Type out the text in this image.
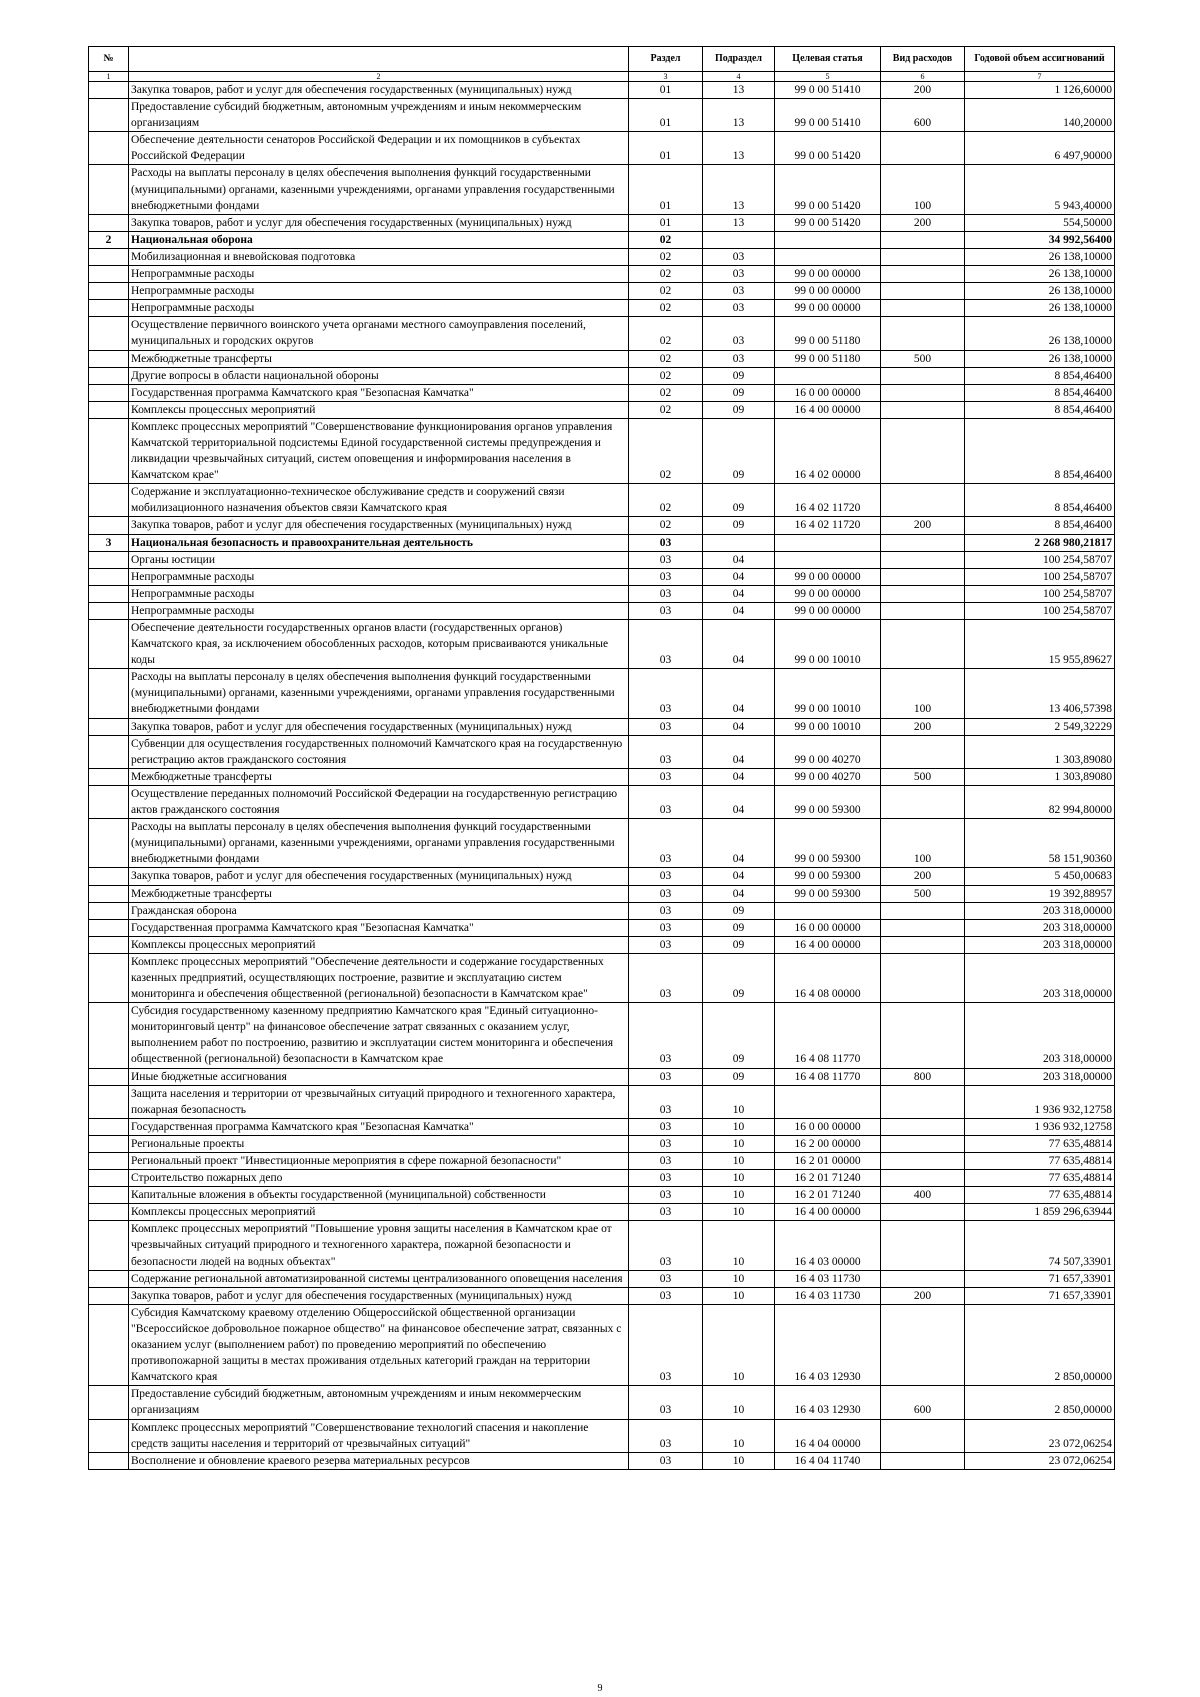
№		Раздел	Подраздел	Целевая статья	Вид расходов	Годовой объем ассигнований
1	2	3	4	5	6	7
	Закупка товаров, работ и услуг для обеспечения государственных (муниципальных) нужд	01	13	99 0 00 51410	200	1 126,60000
	Предоставление субсидий бюджетным, автономным учреждениям и иным некоммерческим организациям	01	13	99 0 00 51410	600	140,20000
	Обеспечение деятельности сенаторов Российской Федерации и их помощников в субъектах Российской Федерации	01	13	99 0 00 51420		6 497,90000
	Расходы на выплаты персоналу в целях обеспечения выполнения функций государственными (муниципальными) органами, казенными учреждениями, органами управления государственными внебюджетными фондами	01	13	99 0 00 51420	100	5 943,40000
	Закупка товаров, работ и услуг для обеспечения государственных (муниципальных) нужд	01	13	99 0 00 51420	200	554,50000
2	Национальная оборона	02				34 992,56400
	Мобилизационная и вневойсковая подготовка	02	03			26 138,10000
	Непрограммные расходы	02	03	99 0 00 00000		26 138,10000
	Непрограммные расходы	02	03	99 0 00 00000		26 138,10000
	Непрограммные расходы	02	03	99 0 00 00000		26 138,10000
	Осуществление первичного воинского учета органами местного самоуправления поселений, муниципальных и городских округов	02	03	99 0 00 51180		26 138,10000
	Межбюджетные трансферты	02	03	99 0 00 51180	500	26 138,10000
	Другие вопросы в области национальной обороны	02	09			8 854,46400
	Государственная программа Камчатского края "Безопасная Камчатка"	02	09	16 0 00 00000		8 854,46400
	Комплексы процессных мероприятий	02	09	16 4 00 00000		8 854,46400
	Комплекс процессных мероприятий "Совершенствование функционирования органов управления Камчатской территориальной подсистемы Единой государственной системы предупреждения и ликвидации чрезвычайных ситуаций, систем оповещения и информирования населения в Камчатском крае"	02	09	16 4 02 00000		8 854,46400
	Содержание и эксплуатационно-техническое обслуживание средств и сооружений связи мобилизационного назначения объектов связи Камчатского края	02	09	16 4 02 11720		8 854,46400
	Закупка товаров, работ и услуг для обеспечения государственных (муниципальных) нужд	02	09	16 4 02 11720	200	8 854,46400
3	Национальная безопасность и правоохранительная деятельность	03				2 268 980,21817
	Органы юстиции	03	04			100 254,58707
	Непрограммные расходы	03	04	99 0 00 00000		100 254,58707
	Непрограммные расходы	03	04	99 0 00 00000		100 254,58707
	Непрограммные расходы	03	04	99 0 00 00000		100 254,58707
	Обеспечение деятельности государственных органов власти (государственных органов) Камчатского края, за исключением обособленных расходов, которым присваиваются уникальные коды	03	04	99 0 00 10010		15 955,89627
	Расходы на выплаты персоналу в целях обеспечения выполнения функций государственными (муниципальными) органами, казенными учреждениями, органами управления государственными внебюджетными фондами	03	04	99 0 00 10010	100	13 406,57398
	Закупка товаров, работ и услуг для обеспечения государственных (муниципальных) нужд	03	04	99 0 00 10010	200	2 549,32229
	Субвенции для осуществления государственных полномочий Камчатского края на государственную регистрацию актов гражданского состояния	03	04	99 0 00 40270		1 303,89080
	Межбюджетные трансферты	03	04	99 0 00 40270	500	1 303,89080
	Осуществление переданных полномочий Российской Федерации на государственную регистрацию актов гражданского состояния	03	04	99 0 00 59300		82 994,80000
	Расходы на выплаты персоналу в целях обеспечения выполнения функций государственными (муниципальными) органами, казенными учреждениями, органами управления государственными внебюджетными фондами	03	04	99 0 00 59300	100	58 151,90360
	Закупка товаров, работ и услуг для обеспечения государственных (муниципальных) нужд	03	04	99 0 00 59300	200	5 450,00683
	Межбюджетные трансферты	03	04	99 0 00 59300	500	19 392,88957
	Гражданская оборона	03	09			203 318,00000
	Государственная программа Камчатского края "Безопасная Камчатка"	03	09	16 0 00 00000		203 318,00000
	Комплексы процессных мероприятий	03	09	16 4 00 00000		203 318,00000
	Комплекс процессных мероприятий "Обеспечение деятельности и содержание государственных казенных предприятий, осуществляющих построение, развитие и эксплуатацию систем мониторинга и обеспечения общественной (региональной) безопасности в Камчатском крае"	03	09	16 4 08 00000		203 318,00000
	Субсидия государственному казенному предприятию Камчатского края "Единый ситуационно-мониторинговый центр" на финансовое обеспечение затрат связанных с оказанием услуг, выполнением работ по построению, развитию и эксплуатации систем мониторинга и обеспечения общественной (региональной) безопасности в Камчатском крае	03	09	16 4 08 11770		203 318,00000
	Иные бюджетные ассигнования	03	09	16 4 08 11770	800	203 318,00000
	Защита населения и территории от чрезвычайных ситуаций природного и техногенного характера, пожарная безопасность	03	10			1 936 932,12758
	Государственная программа Камчатского края "Безопасная Камчатка"	03	10	16 0 00 00000		1 936 932,12758
	Региональные проекты	03	10	16 2 00 00000		77 635,48814
	Региональный проект "Инвестиционные мероприятия в сфере пожарной безопасности"	03	10	16 2 01 00000		77 635,48814
	Строительство пожарных депо	03	10	16 2 01 71240		77 635,48814
	Капитальные вложения в объекты государственной (муниципальной) собственности	03	10	16 2 01 71240	400	77 635,48814
	Комплексы процессных мероприятий	03	10	16 4 00 00000		1 859 296,63944
	Комплекс процессных мероприятий "Повышение уровня защиты населения в Камчатском крае от чрезвычайных ситуаций природного и техногенного характера, пожарной безопасности и безопасности людей на водных объектах"	03	10	16 4 03 00000		74 507,33901
	Содержание региональной автоматизированной системы централизованного оповещения населения	03	10	16 4 03 11730		71 657,33901
	Закупка товаров, работ и услуг для обеспечения государственных (муниципальных) нужд	03	10	16 4 03 11730	200	71 657,33901
	Субсидия Камчатскому краевому отделению Общероссийской общественной организации "Всероссийское добровольное пожарное общество" на финансовое обеспечение затрат, связанных с оказанием услуг (выполнением работ) по проведению мероприятий по обеспечению противопожарной защиты в местах проживания отдельных категорий граждан на территории Камчатского края	03	10	16 4 03 12930		2 850,00000
	Предоставление субсидий бюджетным, автономным учреждениям и иным некоммерческим организациям	03	10	16 4 03 12930	600	2 850,00000
	Комплекс процессных мероприятий "Совершенствование технологий спасения и накопление средств защиты населения и территорий от чрезвычайных ситуаций"	03	10	16 4 04 00000		23 072,06254
	Восполнение и обновление краевого резерва материальных ресурсов	03	10	16 4 04 11740		23 072,06254
9
